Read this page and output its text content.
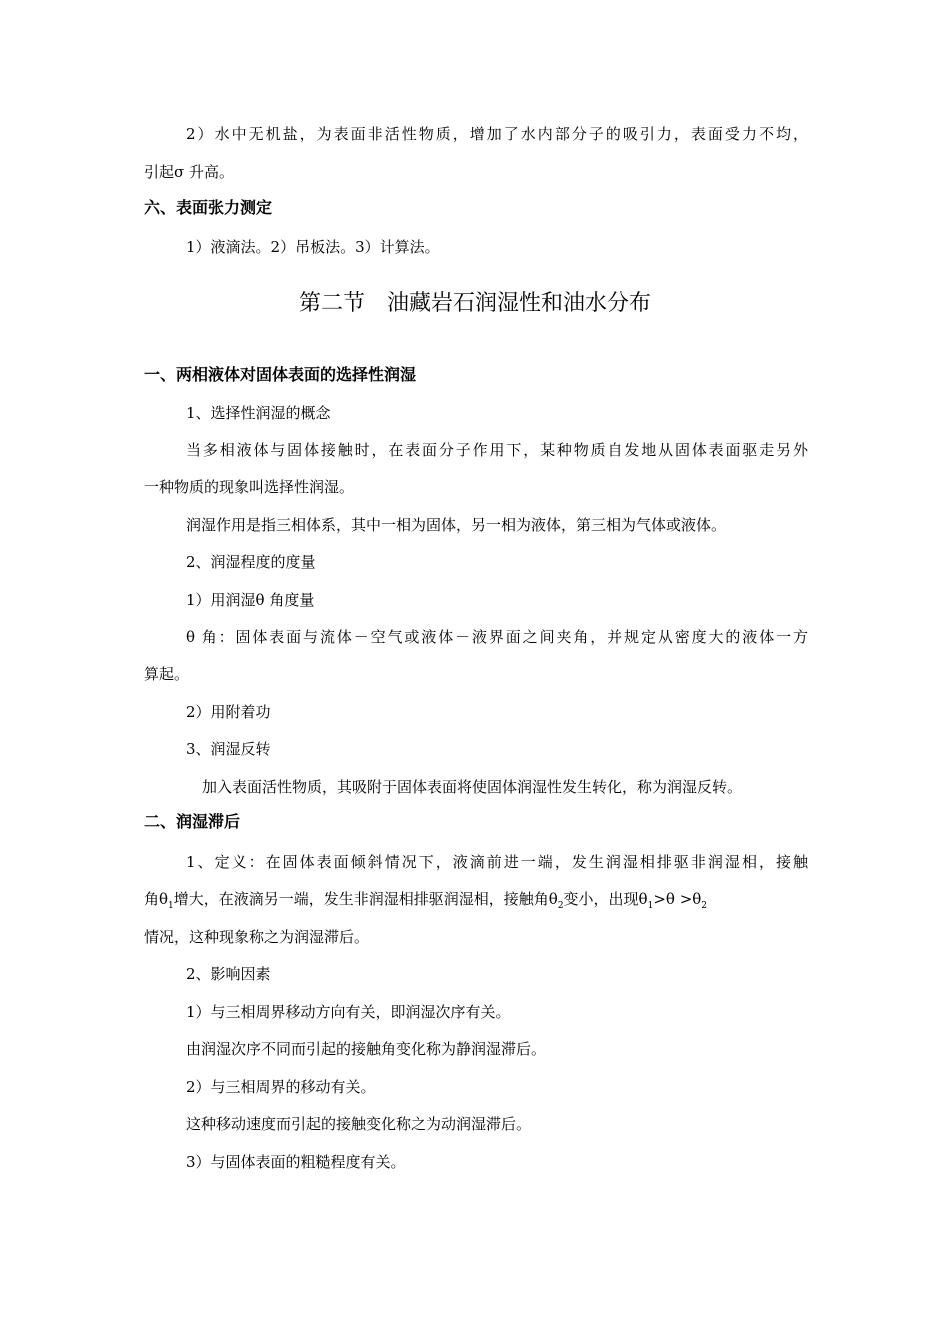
2）水中无机盐，为表面非活性物质，增加了水内部分子的吸引力，表面受力不均，
引起σ 升高。
六、表面张力测定
1）液滴法。2）吊板法。3）计算法。
第二节 油藏岩石润湿性和油水分布
一、两相液体对固体表面的选择性润湿
1、选择性润湿的概念
当多相液体与固体接触时，在表面分子作用下，某种物质自发地从固体表面驱走另外
一种物质的现象叫选择性润湿。
润湿作用是指三相体系，其中一相为固体，另一相为液体，第三相为气体或液体。
2、润湿程度的度量
1）用润湿θ 角度量
θ 角：固体表面与流体－空气或液体－液界面之间夹角，并规定从密度大的液体一方
算起。
2）用附着功
3、润湿反转
加入表面活性物质，其吸附于固体表面将使固体润湿性发生转化，称为润湿反转。
二、润湿滞后
1、定义：在固体表面倾斜情况下，液滴前进一端，发生润湿相排驱非润湿相，接触
角$\theta_1$增大，在液滴另一端，发生非润湿相排驱润湿相，接触角$\theta_2$变小，出现$\theta_1>\theta >\theta_2$
情况，这种现象称之为润湿滞后。
2、影响因素
1）与三相周界移动方向有关，即润湿次序有关。
由润湿次序不同而引起的接触角变化称为静润湿滞后。
2）与三相周界的移动有关。
这种移动速度而引起的接触变化称之为动润湿滞后。
3）与固体表面的粗糙程度有关。
